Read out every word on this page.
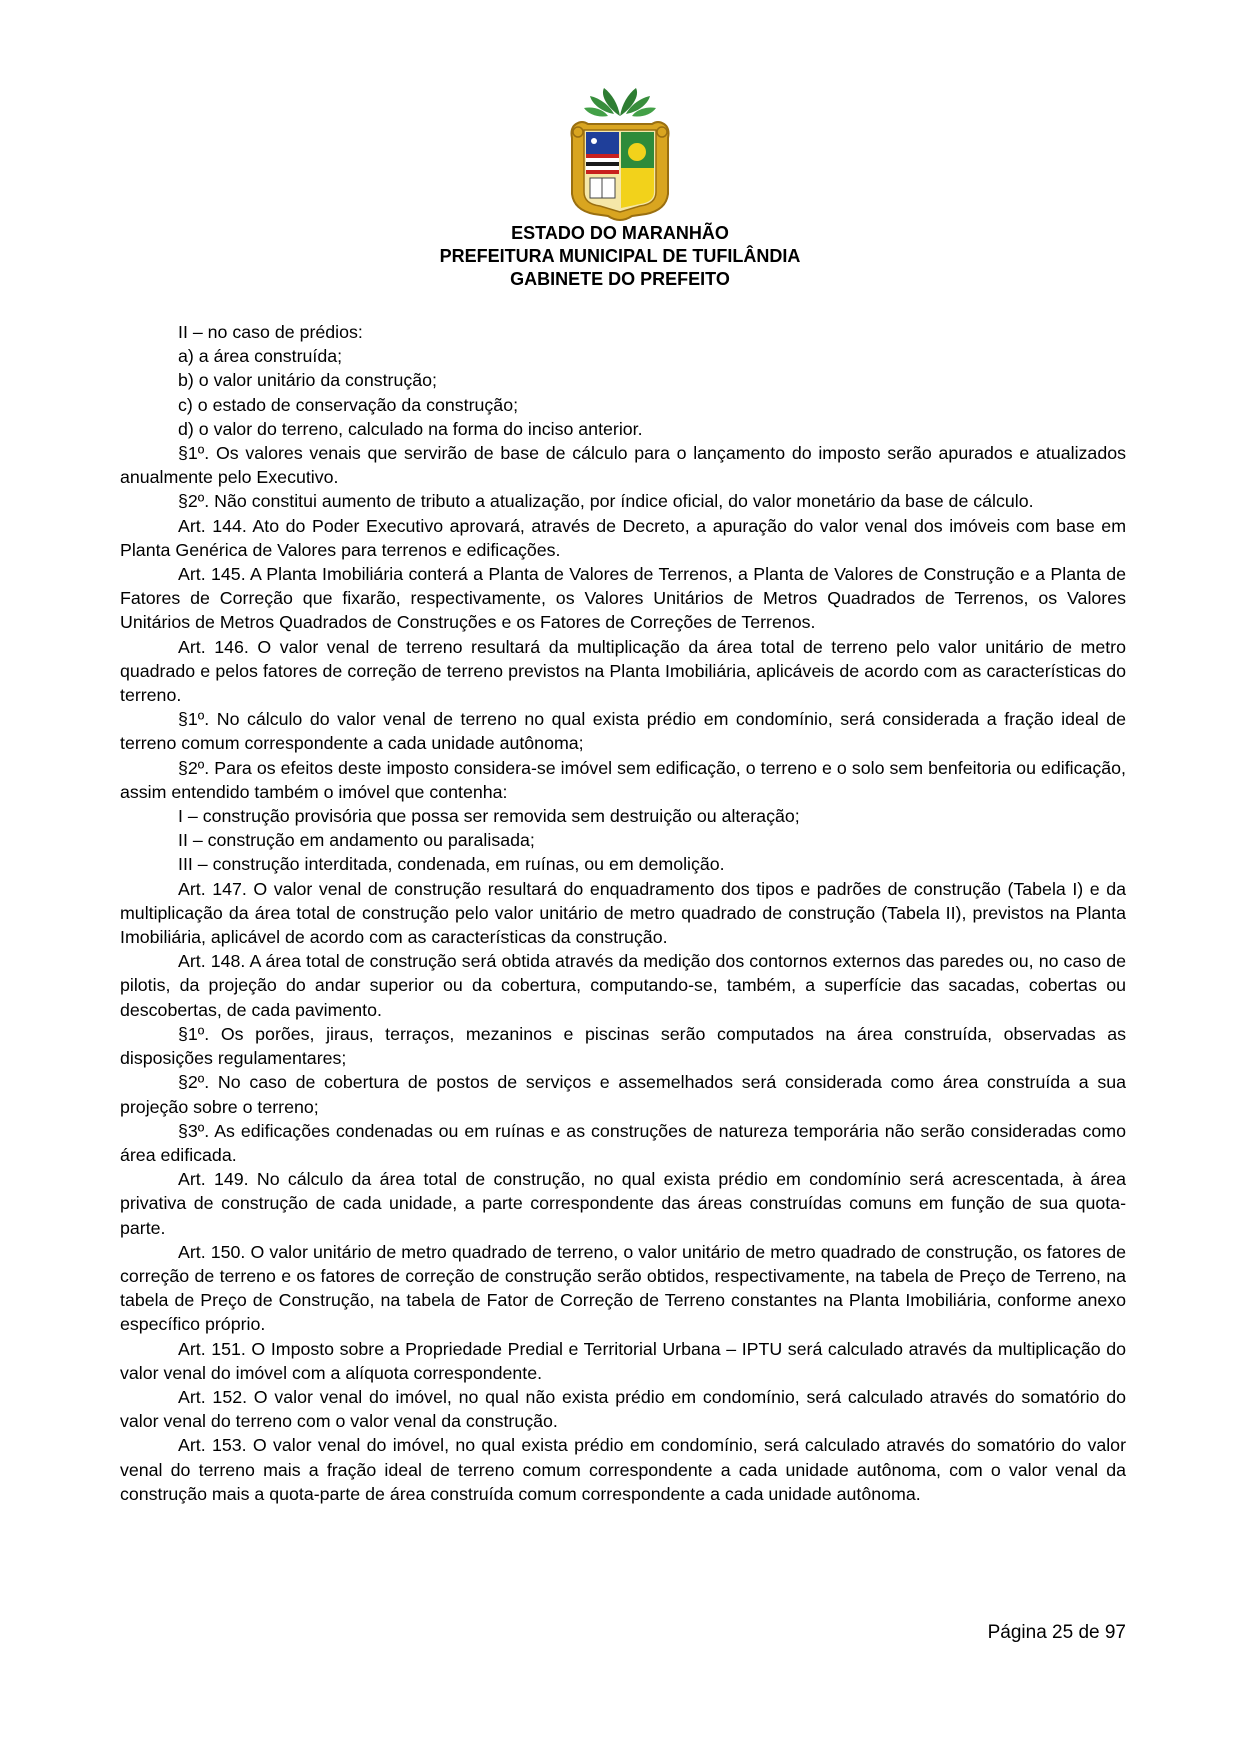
ESTADO DO MARANHÃO
PREFEITURA MUNICIPAL DE TUFILÂNDIA
GABINETE DO PREFEITO

II – no caso de prédios:

a) a área construída;

b) o valor unitário da construção;

c) o estado de conservação da construção;

d) o valor do terreno, calculado na forma do inciso anterior.

§1º. Os valores venais que servirão de base de cálculo para o lançamento do imposto serão apurados e atualizados anualmente pelo Executivo.

§2º. Não constitui aumento de tributo a atualização, por índice oficial, do valor monetário da base de cálculo.

Art. 144. Ato do Poder Executivo aprovará, através de Decreto, a apuração do valor venal dos imóveis com base em Planta Genérica de Valores para terrenos e edificações.

Art. 145. A Planta Imobiliária conterá a Planta de Valores de Terrenos, a Planta de Valores de Construção e a Planta de Fatores de Correção que fixarão, respectivamente, os Valores Unitários de Metros Quadrados de Terrenos, os Valores Unitários de Metros Quadrados de Construções e os Fatores de Correções de Terrenos.

Art. 146. O valor venal de terreno resultará da multiplicação da área total de terreno pelo valor unitário de metro quadrado e pelos fatores de correção de terreno previstos na Planta Imobiliária, aplicáveis de acordo com as características do terreno.

§1º. No cálculo do valor venal de terreno no qual exista prédio em condomínio, será considerada a fração ideal de terreno comum correspondente a cada unidade autônoma;

§2º. Para os efeitos deste imposto considera-se imóvel sem edificação, o terreno e o solo sem benfeitoria ou edificação, assim entendido também o imóvel que contenha:

I – construção provisória que possa ser removida sem destruição ou alteração;

II – construção em andamento ou paralisada;

III – construção interditada, condenada, em ruínas, ou em demolição.

Art. 147. O valor venal de construção resultará do enquadramento dos tipos e padrões de construção (Tabela I) e da multiplicação da área total de construção pelo valor unitário de metro quadrado de construção (Tabela II), previstos na Planta Imobiliária, aplicável de acordo com as características da construção.

Art. 148. A área total de construção será obtida através da medição dos contornos externos das paredes ou, no caso de pilotis, da projeção do andar superior ou da cobertura, computando-se, também, a superfície das sacadas, cobertas ou descobertas, de cada pavimento.

§1º. Os porões, jiraus, terraços, mezaninos e piscinas serão computados na área construída, observadas as disposições regulamentares;

§2º. No caso de cobertura de postos de serviços e assemelhados será considerada como área construída a sua projeção sobre o terreno;

§3º. As edificações condenadas ou em ruínas e as construções de natureza temporária não serão consideradas como área edificada.

Art. 149. No cálculo da área total de construção, no qual exista prédio em condomínio será acrescentada, à área privativa de construção de cada unidade, a parte correspondente das áreas construídas comuns em função de sua quota-parte.

Art. 150. O valor unitário de metro quadrado de terreno, o valor unitário de metro quadrado de construção, os fatores de correção de terreno e os fatores de correção de construção serão obtidos, respectivamente, na tabela de Preço de Terreno, na tabela de Preço de Construção, na tabela de Fator de Correção de Terreno constantes na Planta Imobiliária, conforme anexo específico próprio.

Art. 151. O Imposto sobre a Propriedade Predial e Territorial Urbana – IPTU será calculado através da multiplicação do valor venal do imóvel com a alíquota correspondente.

Art. 152. O valor venal do imóvel, no qual não exista prédio em condomínio, será calculado através do somatório do valor venal do terreno com o valor venal da construção.

Art. 153. O valor venal do imóvel, no qual exista prédio em condomínio, será calculado através do somatório do valor venal do terreno mais a fração ideal de terreno comum correspondente a cada unidade autônoma, com o valor venal da construção mais a quota-parte de área construída comum correspondente a cada unidade autônoma.

Página 25 de 97
